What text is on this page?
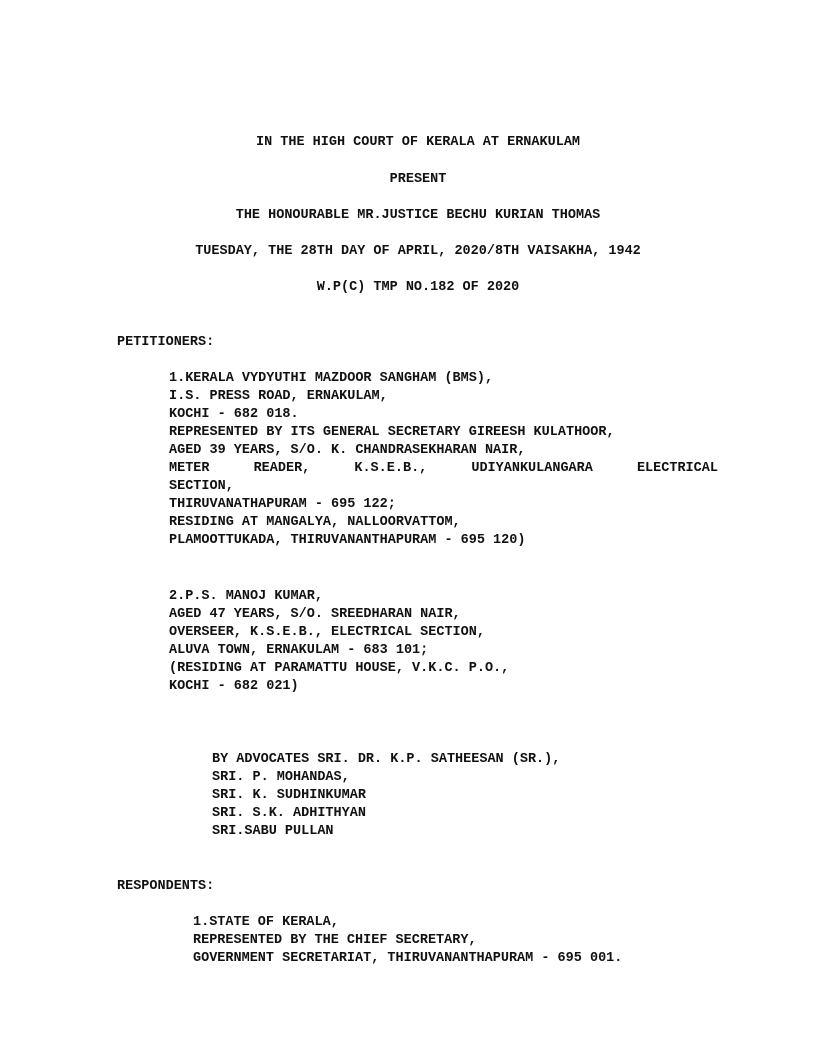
IN THE HIGH COURT OF KERALA AT ERNAKULAM
PRESENT
THE HONOURABLE MR.JUSTICE BECHU KURIAN THOMAS
TUESDAY, THE 28TH DAY OF APRIL, 2020/8TH VAISAKHA, 1942
W.P(C) TMP NO.182 OF 2020
PETITIONERS:
1.KERALA VYDYUTHI MAZDOOR SANGHAM (BMS),
I.S. PRESS ROAD, ERNAKULAM,
KOCHI - 682 018.
REPRESENTED BY ITS GENERAL SECRETARY GIREESH KULATHOOR,
AGED 39 YEARS, S/O. K. CHANDRASEKHARAN NAIR,
METER	READER,	K.S.E.B.,	UDIYANKULANGARA	ELECTRICAL
SECTION,
THIRUVANATHAPURAM - 695 122;
RESIDING AT MANGALYA, NALLOORVATTOM,
PLAMOOTTUKADA, THIRUVANANTHAPURAM - 695 120)
2.P.S. MANOJ KUMAR,
AGED 47 YEARS, S/O. SREEDHARAN NAIR,
OVERSEER, K.S.E.B., ELECTRICAL SECTION,
ALUVA TOWN, ERNAKULAM - 683 101;
(RESIDING AT PARAMATTU HOUSE, V.K.C. P.O.,
KOCHI - 682 021)
BY ADVOCATES SRI. DR. K.P. SATHEESAN (SR.),
SRI. P. MOHANDAS,
SRI. K. SUDHINKUMAR
SRI. S.K. ADHITHYAN
SRI.SABU PULLAN
RESPONDENTS:
1.STATE OF KERALA,
REPRESENTED BY THE CHIEF SECRETARY,
GOVERNMENT SECRETARIAT, THIRUVANANTHAPURAM - 695 001.
